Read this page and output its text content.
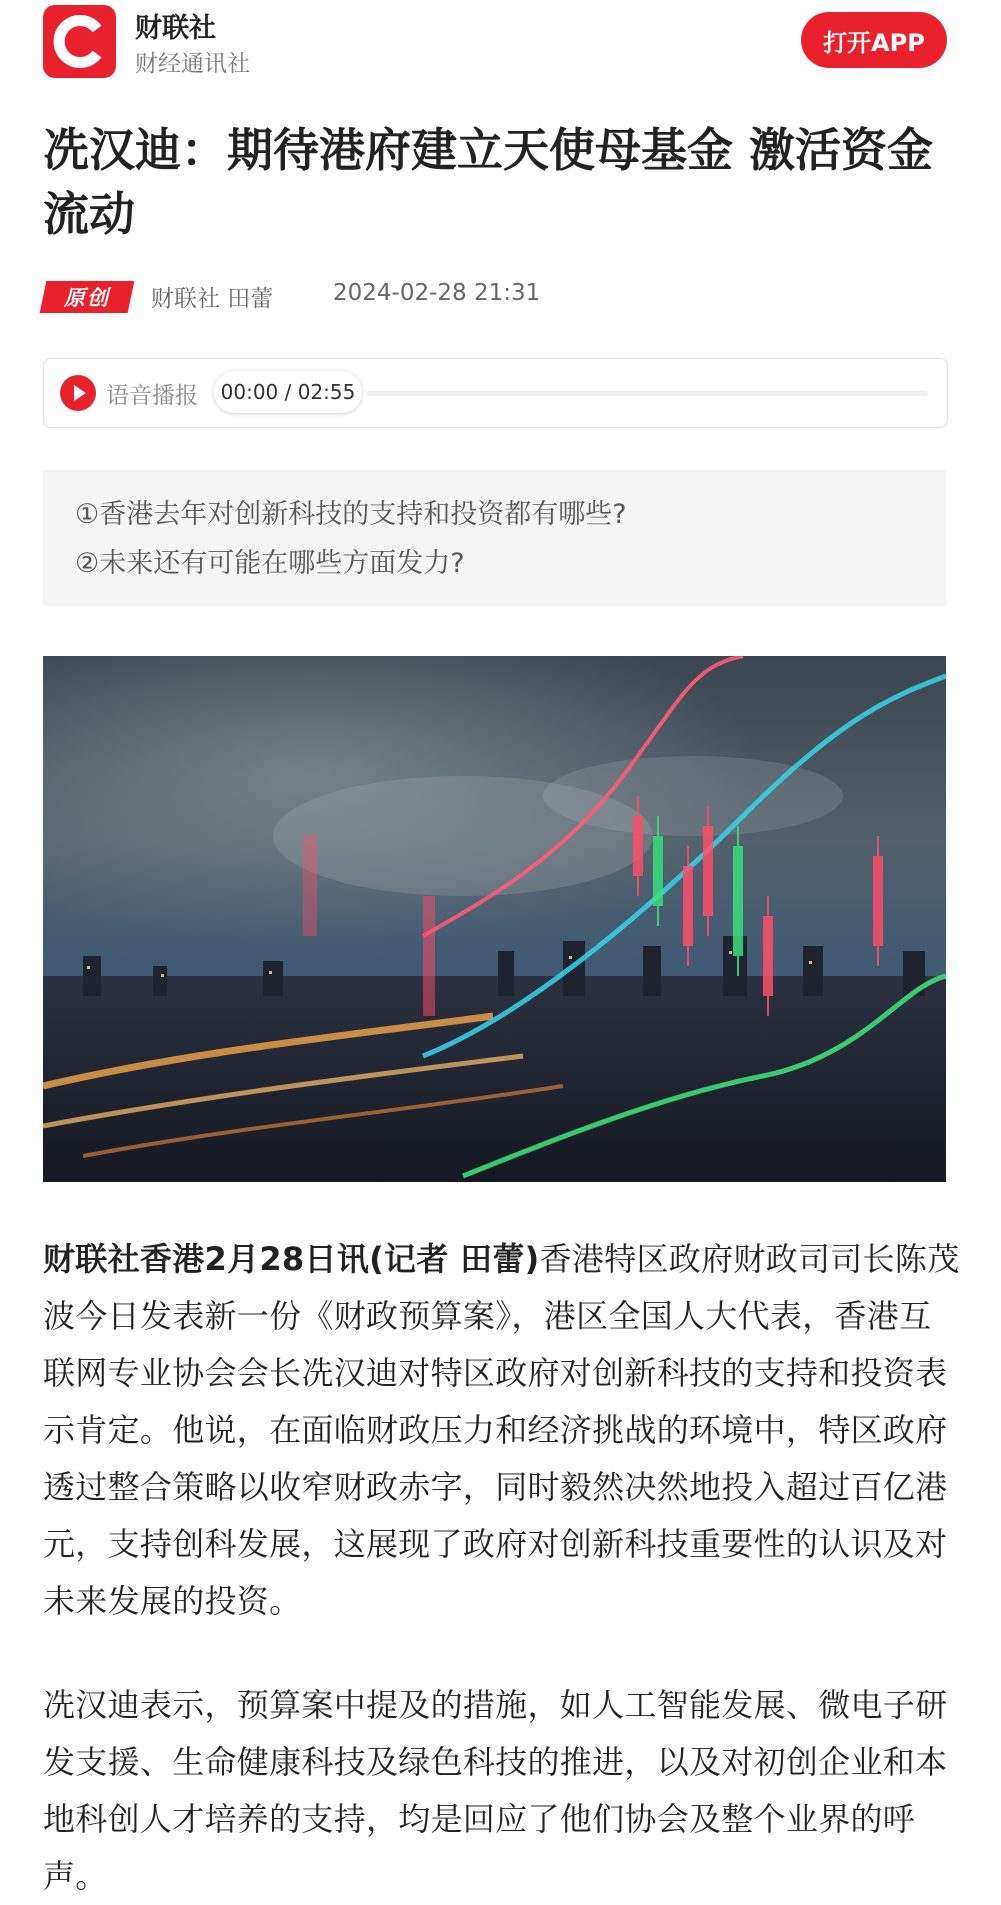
财联社
财经通讯社
打开APP
冼汉迪：期待港府建立天使母基金 激活资金流动
原创 财联社 田蕾	2024-02-28 21:31
语音播报	00:00 / 02:55
①香港去年对创新科技的支持和投资都有哪些?
②未来还有可能在哪些方面发力?

财联社香港2月28日讯(记者 田蕾)香港特区政府财政司司长陈茂波今日发表新一份《财政预算案》，港区全国人大代表，香港互联网专业协会会长冼汉迪对特区政府对创新科技的支持和投资表示肯定。他说，在面临财政压力和经济挑战的环境中，特区政府透过整合策略以收窄财政赤字，同时毅然决然地投入超过百亿港元，支持创科发展，这展现了政府对创新科技重要性的认识及对未来发展的投资。

冼汉迪表示，预算案中提及的措施，如人工智能发展、微电子研发支援、生命健康科技及绿色科技的推进，以及对初创企业和本地科创人才培养的支持，均是回应了他们协会及整个业界的呼声。
